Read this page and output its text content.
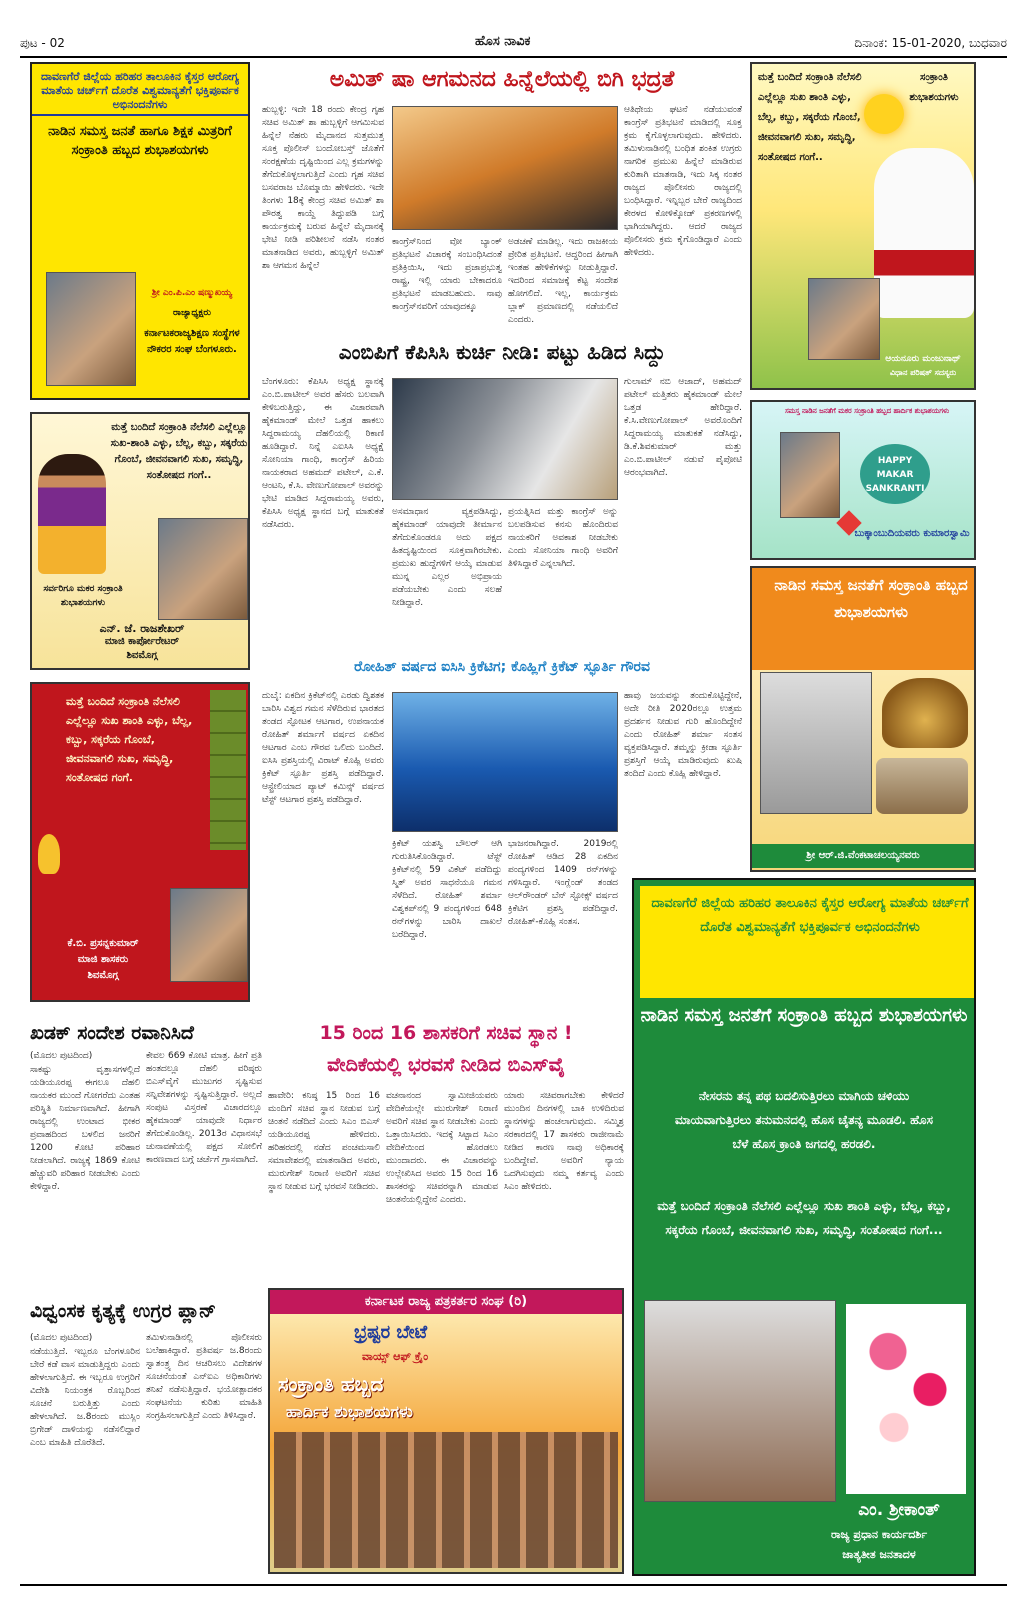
ಪುಟ - 02	ಹೊಸ ನಾವಿಕ	ದಿನಾಂಕ: 15-01-2020, ಬುಧವಾರ
ದಾವಣಗೆರೆ ಜಿಲ್ಲೆಯ ಹರಿಹರ ತಾಲೂಕಿನ ಕೈಸ್ತರ ಆರೋಗ್ಯ ಮಾತೆಯ ಚರ್ಚ್‌ಗೆ ದೊರೆತ ವಿಶ್ವಮಾನ್ಯತೆಗೆ ಭಕ್ತಿಪೂರ್ವಕ ಅಭಿನಂದನೆಗಳು
ನಾಡಿನ ಸಮಸ್ತ ಜನತೆ ಹಾಗೂ ಶಿಕ್ಷಕ ಮಿತ್ರರಿಗೆ ಸಂಕ್ರಾಂತಿ ಹಬ್ಬದ ಶುಭಾಶಯಗಳು
ಶ್ರೀ ಎಂ.ಪಿ.ಎಂ ಷಣ್ಮುಖಯ್ಯ
ರಾಜ್ಯಾಧ್ಯಕ್ಷರು
ಕರ್ನಾಟಕರಾಜ್ಯಶಿಕ್ಷಣ ಸಂಸ್ಥೆಗಳ ನೌಕರರ ಸಂಘ ಬೆಂಗಳೂರು.
ಮತ್ತೆ ಬಂದಿದೆ ಸಂಕ್ರಾಂತಿ ನೆಲೆಸಲಿ ಎಲ್ಲೆಲ್ಲೂ ಸುಖ-ಶಾಂತಿ ಎಳ್ಳು, ಬೆಲ್ಲ, ಕಬ್ಬು, ಸಕ್ಕರೆಯ ಗೊಂಬೆ, ಜೀವನವಾಗಲಿ ಸುಖ, ಸಮೃದ್ಧಿ, ಸಂತೋಷದ ಗಂಗೆ..
ಸರ್ವರಿಗೂ ಮಕರ ಸಂಕ್ರಾಂತಿ ಶುಭಾಶಯಗಳು
ಎನ್. ಜೆ. ರಾಜಶೇಖರ್
ಮಾಜಿ ಕಾರ್ಪೋರೇಟರ್
ಶಿವಮೊಗ್ಗ
ಮತ್ತೆ ಬಂದಿದೆ ಸಂಕ್ರಾಂತಿ ನೆಲೆಸಲಿ ಎಲ್ಲೆಲ್ಲೂ ಸುಖ ಶಾಂತಿ ಎಳ್ಳು, ಬೆಲ್ಲ, ಕಬ್ಬು, ಸಕ್ಕರೆಯ ಗೊಂಬೆ, ಜೀವನವಾಗಲಿ ಸುಖ, ಸಮೃದ್ಧಿ, ಸಂತೋಷದ ಗಂಗೆ.
ಕೆ.ಬಿ. ಪ್ರಸನ್ನಕುಮಾರ್
ಮಾಜಿ ಶಾಸಕರು
ಶಿವಮೊಗ್ಗ
ಅಮಿತ್ ಷಾ ಆಗಮನದ ಹಿನ್ನೆಲೆಯಲ್ಲಿ ಬಿಗಿ ಭದ್ರತೆ
ಹುಬ್ಬಳ್ಳಿ: ಇದೇ 18 ರಂದು ಕೇಂದ್ರ ಗೃಹ ಸಚಿವ ಅಮಿತ್ ಶಾ ಹುಬ್ಬಳ್ಳಿಗೆ ಆಗಮಿಸುವ ಹಿನ್ನೆಲೆ ನೆಹರು ಮೈದಾನದ ಸುತ್ತಮುತ್ತ ಸೂಕ್ತ ಪೊಲೀಸ್ ಬಂದೋಬಸ್ತ್ ಜೊತೆಗೆ ಸಂರಕ್ಷಣೆಯ ದೃಷ್ಟಿಯಿಂದ ಎಲ್ಲ ಕ್ರಮಗಳನ್ನು ತೆಗೆದುಕೊಳ್ಳಲಾಗುತ್ತಿದೆ ಎಂದು ಗೃಹ ಸಚಿವ ಬಸವರಾಜ ಬೊಮ್ಮಾಯಿ ಹೇಳಿದರು. ಇದೇ ತಿಂಗಳು 18ಕ್ಕೆ ಕೇಂದ್ರ ಸಚಿವ ಅಮಿತ್ ಶಾ ಪೌರತ್ವ ಕಾಯ್ದೆ ತಿದ್ದುಪಡಿ ಬಗ್ಗೆ ಕಾರ್ಯಕ್ರಮಕ್ಕೆ ಬರುವ ಹಿನ್ನೆಲೆ ಮೈದಾನಕ್ಕೆ ಭೇಟಿ ನೀಡಿ ಪರಿಶೀಲನೆ ನಡೆಸಿ ನಂತರ ಮಾತನಾಡಿದ ಅವರು, ಹುಬ್ಬಳ್ಳಿಗೆ ಅಮಿತ್ ಶಾ ಆಗಮನ ಹಿನ್ನೆಲೆ
ಕಾಂಗ್ರೆಸ್‌ನಿಂದ ವೋ ಬ್ಯಾಂಕ್ ಪ್ರತಿಭಟನೆ ವಿಚಾರಕ್ಕೆ ಸಂಬಂಧಿಸಿದಂತೆ ಪ್ರತಿಕ್ರಿಯಿಸಿ, ಇದು ಪ್ರಜಾಪ್ರಭುತ್ವ ರಾಷ್ಟ್ರ, ಇಲ್ಲಿ ಯಾರು ಬೇಕಾದರೂ ಪ್ರತಿಭಟನೆ ಮಾಡಬಹುದು. ನಾವು ಕಾಂಗ್ರೆಸ್‌ನವರಿಗೆ ಯಾವುದಕ್ಕೂ
ಅಡಚಣೆ ಮಾಡಿಲ್ಲ. ಇದು ರಾಜಕೀಯ ಪ್ರೇರಿತ ಪ್ರತಿಭಟನೆ. ಆದ್ದರಿಂದ ಹೀಗಾಗಿ ಇಂತಹ ಹೇಳಿಕೆಗಳನ್ನು ನೀಡುತ್ತಿದ್ದಾರೆ. ಇದರಿಂದ ಸಮಾಜಕ್ಕೆ ಕೆಟ್ಟ ಸಂದೇಶ ಹೋಗಲಿದೆ. ಇಲ್ಲ, ಕಾರ್ಯಕ್ರಮ ಬ್ಲಾಕ್ ಪ್ರಮಾಣದಲ್ಲಿ ನಡೆಯಲಿದೆ ಎಂದರು.
ಆತಿಥೇಯ ಘಟನೆ ನಡೆಯುವಂತೆ ಕಾಂಗ್ರೆಸ್ ಪ್ರತಿಭಟನೆ ಮಾಡಿದಲ್ಲಿ ಸೂಕ್ತ ಕ್ರಮ ಕೈಗೊಳ್ಳಲಾಗುವುದು. ಹೇಳಿದರು. ತಮಿಳುನಾಡಿನಲ್ಲಿ ಬಂಧಿತ ಶಂಕಿತ ಉಗ್ರರು ನಾಗರಿಕ ಪ್ರಮುಖ ಹಿನ್ನೆಲೆ ಮಾಡಿರುವ ಕುರಿತಾಗಿ ಮಾತನಾಡಿ, ಇದು ಸಿಕ್ಕ ನಂತರ ರಾಜ್ಯದ ಪೊಲೀಸರು ರಾಜ್ಯದಲ್ಲಿ ಬಂಧಿಸಿದ್ದಾರೆ. ಇನ್ನಿಬ್ಬರ ಬೇರೆ ರಾಜ್ಯದಿಂದ ಕೇರಳದ ಕೋಳಿಕ್ಕೋಡ್ ಪ್ರಕರಣಗಳಲ್ಲಿ ಭಾಗಿಯಾಗಿದ್ದರು. ಆದರೆ ರಾಜ್ಯದ ಪೊಲೀಸರು ಕ್ರಮ ಕೈಗೊಂಡಿದ್ದಾರೆ ಎಂದು ಹೇಳಿದರು.
ಎಂಬಿಪಿಗೆ ಕೆಪಿಸಿಸಿ ಕುರ್ಚಿ ನೀಡಿ: ಪಟ್ಟು ಹಿಡಿದ ಸಿದ್ದು
ಬೆಂಗಳೂರು: ಕೆಪಿಸಿಸಿ ಅಧ್ಯಕ್ಷ ಸ್ಥಾನಕ್ಕೆ ಎಂ.ಬಿ.ಪಾಟೀಲ್ ಅವರ ಹೆಸರು ಬಲವಾಗಿ ಕೇಳಿಬರುತ್ತಿದ್ದು, ಈ ವಿಚಾರವಾಗಿ ಹೈಕಮಾಂಡ್ ಮೇಲೆ ಒತ್ತಡ ಹಾಕಲು ಸಿದ್ದರಾಮಯ್ಯ ದೆಹಲಿಯಲ್ಲಿ ಠಿಕಾಣಿ ಹೂಡಿದ್ದಾರೆ. ನಿನ್ನೆ ಎಐಸಿಸಿ ಅಧ್ಯಕ್ಷೆ ಸೋನಿಯಾ ಗಾಂಧಿ, ಕಾಂಗ್ರೆಸ್ ಹಿರಿಯ ನಾಯಕರಾದ ಅಹಮದ್ ಪಟೇಲ್, ಎ.ಕೆ. ಆಂಟನಿ, ಕೆ.ಸಿ. ವೇಣುಗೋಪಾಲ್ ಅವರನ್ನು ಭೇಟಿ ಮಾಡಿದ ಸಿದ್ದರಾಮಯ್ಯ ಅವರು, ಕೆಪಿಸಿಸಿ ಅಧ್ಯಕ್ಷ ಸ್ಥಾನದ ಬಗ್ಗೆ ಮಾತುಕತೆ ನಡೆಸಿದರು.
ಅಸಮಾಧಾನ ವ್ಯಕ್ತಪಡಿಸಿದ್ದು, ಹೈಕಮಾಂಡ್ ಯಾವುದೇ ತೀರ್ಮಾನ ತೆಗೆದುಕೊಂಡರೂ ಅದು ಪಕ್ಷದ ಹಿತದೃಷ್ಟಿಯಿಂದ ಸೂಕ್ತವಾಗಿರಬೇಕು. ಪ್ರಮುಖ ಹುದ್ದೆಗಳಿಗೆ ಆಯ್ಕೆ ಮಾಡುವ ಮುನ್ನ ಎಲ್ಲರ ಅಭಿಪ್ರಾಯ ಪಡೆಯಬೇಕು ಎಂದು ಸಲಹೆ ನೀಡಿದ್ದಾರೆ.
ಪ್ರಯತ್ನಿಸಿದ ಮತ್ತು ಕಾಂಗ್ರೆಸ್ ಅನ್ನು ಬಲಪಡಿಸುವ ಕನಸು ಹೊಂದಿರುವ ನಾಯಕರಿಗೆ ಅವಕಾಶ ನೀಡಬೇಕು ಎಂದು ಸೋನಿಯಾ ಗಾಂಧಿ ಅವರಿಗೆ ತಿಳಿಸಿದ್ದಾರೆ ಎನ್ನಲಾಗಿದೆ.
ಗುಲಾಮ್ ನಬಿ ಆಜಾದ್, ಅಹಮದ್ ಪಟೇಲ್ ಮತ್ತಿತರು ಹೈಕಮಾಂಡ್ ಮೇಲೆ ಒತ್ತಡ ಹೇರಿದ್ದಾರೆ. ಕೆ.ಸಿ.ವೇಣುಗೋಪಾಲ್ ಅವರೊಂದಿಗೆ ಸಿದ್ದರಾಮಯ್ಯ ಮಾತುಕತೆ ನಡೆಸಿದ್ದು, ಡಿ.ಕೆ.ಶಿವಕುಮಾರ್ ಮತ್ತು ಎಂ.ಬಿ.ಪಾಟೀಲ್ ನಡುವೆ ಪೈಪೋಟಿ ಆರಂಭವಾಗಿದೆ.
ರೋಹಿತ್ ವರ್ಷದ ಐಸಿಸಿ ಕ್ರಿಕೆಟಿಗ; ಕೊಹ್ಲಿಗೆ ಕ್ರಿಕೆಟ್ ಸ್ಫೂರ್ತಿ ಗೌರವ
ದುಬೈ: ಏಕದಿನ ಕ್ರಿಕೆಟ್‌ನಲ್ಲಿ ಎರಡು ದ್ವಿಶತಕ ಬಾರಿಸಿ ವಿಶ್ವದ ಗಮನ ಸೆಳೆದಿರುವ ಭಾರತದ ತಂಡದ ಸ್ಫೋಟಕ ಆಟಗಾರ, ಉಪನಾಯಕ ರೋಹಿತ್ ಶರ್ಮಾಗೆ ವರ್ಷದ ಏಕದಿನ ಆಟಗಾರ ಎಂಬ ಗೌರವ ಒಲಿದು ಬಂದಿದೆ. ಐಸಿಸಿ ಪ್ರಶಸ್ತಿಯಲ್ಲಿ ವಿರಾಟ್ ಕೊಹ್ಲಿ ಅವರು ಕ್ರಿಕೆಟ್ ಸ್ಫೂರ್ತಿ ಪ್ರಶಸ್ತಿ ಪಡೆದಿದ್ದಾರೆ. ಆಸ್ಟ್ರೇಲಿಯಾದ ಪ್ಯಾಟ್ ಕಮಿನ್ಸ್ ವರ್ಷದ ಟೆಸ್ಟ್ ಆಟಗಾರ ಪ್ರಶಸ್ತಿ ಪಡೆದಿದ್ದಾರೆ.
ಕ್ರಿಕೆಟ್ ಯಶಸ್ವಿ ಬೌಲರ್ ಆಗಿ ಗುರುತಿಸಿಕೊಂಡಿದ್ದಾರೆ. ಟೆಸ್ಟ್ ಕ್ರಿಕೆಟ್‌ನಲ್ಲಿ 59 ವಿಕೆಟ್ ಪಡೆದಿದ್ದು ಸ್ಮಿತ್ ಅವರ ಸಾಧನೆಯೂ ಗಮನ ಸೆಳೆದಿದೆ. ರೋಹಿತ್ ಶರ್ಮಾ ವಿಶ್ವಕಪ್‌ನಲ್ಲಿ 9 ಪಂದ್ಯಗಳಿಂದ 648 ರನ್‌ಗಳನ್ನು ಬಾರಿಸಿ ದಾಖಲೆ ಬರೆದಿದ್ದಾರೆ.
ಭಾಜನರಾಗಿದ್ದಾರೆ. 2019ರಲ್ಲಿ ರೋಹಿತ್ ಆಡಿದ 28 ಏಕದಿನ ಪಂದ್ಯಗಳಿಂದ 1409 ರನ್‌ಗಳನ್ನು ಗಳಿಸಿದ್ದಾರೆ. ಇಂಗ್ಲೆಂಡ್ ತಂಡದ ಆಲ್‌ರೌಂಡರ್ ಬೆನ್ ಸ್ಟೋಕ್ಸ್ ವರ್ಷದ ಕ್ರಿಕೆಟಿಗ ಪ್ರಶಸ್ತಿ ಪಡೆದಿದ್ದಾರೆ. ರೋಹಿತ್-ಕೊಹ್ಲಿ ಸಂತಸ.
ಹಾವು ಜಯವನ್ನು ತಂದುಕೊಟ್ಟಿದ್ದೇನೆ, ಅದೇ ರೀತಿ 2020ರಲ್ಲೂ ಉತ್ತಮ ಪ್ರದರ್ಶನ ನೀಡುವ ಗುರಿ ಹೊಂದಿದ್ದೇನೆ ಎಂದು ರೋಹಿತ್ ಶರ್ಮಾ ಸಂತಸ ವ್ಯಕ್ತಪಡಿಸಿದ್ದಾರೆ. ತಮ್ಮನ್ನು ಕ್ರೀಡಾ ಸ್ಫೂರ್ತಿ ಪ್ರಶಸ್ತಿಗೆ ಆಯ್ಕೆ ಮಾಡಿರುವುದು ಖುಷಿ ತಂದಿದೆ ಎಂದು ಕೊಹ್ಲಿ ಹೇಳಿದ್ದಾರೆ.
ಖಡಕ್ ಸಂದೇಶ ರವಾನಿಸಿದೆ
(ಮೊದಲ ಪುಟದಿಂದ)
ಸಾಕಷ್ಟು ವೃತ್ತಾಸಗಳಲ್ಲಿದೆ ಯಡಿಯೂರಪ್ಪ ಈಗಲೂ ದೆಹಲಿ ನಾಯಕರ ಮುಂದೆ ಗೋಗರೆದು ಎಂತಹ ಪರಿಸ್ಥಿತಿ ನಿರ್ಮಾಣವಾಗಿದೆ. ಹೀಗಾಗಿ ರಾಜ್ಯದಲ್ಲಿ ಉಂಟಾದ ಭೀಕರ ಪ್ರವಾಹದಿಂದ ಬಳಲಿದ ಜನರಿಗೆ 1200 ಕೋಟಿ ಪರಿಹಾರ ನೀಡಲಾಗಿದೆ. ರಾಜ್ಯಕ್ಕೆ 1869 ಕೋಟಿ ಹೆಚ್ಚುವರಿ ಪರಿಹಾರ ನೀಡಬೇಕು ಎಂದು ಕೇಳಿದ್ದಾರೆ.
ಕೇವಲ 669 ಕೋಟಿ ಮಾತ್ರ. ಹೀಗೆ ಪ್ರತಿ ಹಂತದಲ್ಲೂ ದೆಹಲಿ ವರಿಷ್ಠರು ಬಿಎಸ್‌ವೈಗೆ ಮುಜುಗರ ಸೃಷ್ಟಿಸುವ ಸನ್ನಿವೇಶಗಳನ್ನು ಸೃಷ್ಟಿಸುತ್ತಿದ್ದಾರೆ. ಅಲ್ಲದೆ ಸಂಪುಟ ವಿಸ್ತರಣೆ ವಿಚಾರದಲ್ಲೂ ಹೈಕಮಾಂಡ್ ಯಾವುದೇ ನಿರ್ಧಾರ ತೆಗೆದುಕೊಂಡಿಲ್ಲ. 2013ರ ವಿಧಾನಸಭೆ ಚುನಾವಣೆಯಲ್ಲಿ ಪಕ್ಷದ ಸೋಲಿಗೆ ಕಾರಣವಾದ ಬಗ್ಗೆ ಚರ್ಚೆಗೆ ಗ್ರಾಸವಾಗಿದೆ.
ವಿಧ್ವಂಸಕ ಕೃತ್ಯಕ್ಕೆ ಉಗ್ರರ ಪ್ಲಾನ್
(ಮೊದಲ ಪುಟದಿಂದ)
ನಡೆಯುತ್ತಿದೆ. ಇಬ್ಬರೂ ಬೆಂಗಳೂರಿನ ಬೇರೆ ಕಡೆ ವಾಸ ಮಾಡುತ್ತಿದ್ದರು ಎಂದು ಹೇಳಲಾಗುತ್ತಿದೆ. ಈ ಇಬ್ಬರೂ ಉಗ್ರರಿಗೆ ವಿದೇಶಿ ನಿಯಂತ್ರಕ ರೊಬ್ಬರಿಂದ ಸೂಚನೆ ಬರುತ್ತಿತ್ತು ಎಂದು ಹೇಳಲಾಗಿದೆ. ಜ.8ರಂದು ಮುಸ್ಲಿಂ ಬ್ರಿಗೇಡ್ ದಾಳಿಯನ್ನು ನಡೆಸಲಿದ್ದಾರೆ ಎಂಬ ಮಾಹಿತಿ ದೊರೆತಿದೆ.
ತಮಿಳುನಾಡಿನಲ್ಲಿ ಪೊಲೀಸರು ಬಲೆಹಾಕಿದ್ದಾರೆ. ಪ್ರತಿವರ್ಷ ಜ.8ರಂದು ಸ್ವಾತಂತ್ರ್ಯ ದಿನ ಆಚರಿಸಲು ವಿದೇಶಗಳ ಸೂಚನೆಯಂತೆ ಎನ್‌ಐಎ ಅಧಿಕಾರಿಗಳು ತನಿಖೆ ನಡೆಸುತ್ತಿದ್ದಾರೆ. ಭಯೋತ್ಪಾದಕರ ಸಂಘಟನೆಯ ಕುರಿತು ಮಾಹಿತಿ ಸಂಗ್ರಹಿಸಲಾಗುತ್ತಿದೆ ಎಂದು ತಿಳಿಸಿದ್ದಾರೆ.
15 ರಿಂದ 16 ಶಾಸಕರಿಗೆ ಸಚಿವ ಸ್ಥಾನ !
ವೇದಿಕೆಯಲ್ಲಿ ಭರವಸೆ ನೀಡಿದ ಬಿಎಸ್‌ವೈ
ಹಾವೇರಿ: ಕನಿಷ್ಠ 15 ರಿಂದ 16 ಮಂದಿಗೆ ಸಚಿವ ಸ್ಥಾನ ನೀಡುವ ಬಗ್ಗೆ ಚಿಂತನೆ ನಡೆದಿದೆ ಎಂದು ಸಿಎಂ ಬಿಎಸ್ ಯಡಿಯೂರಪ್ಪ ಹೇಳಿದರು. ಹರಿಹರದಲ್ಲಿ ನಡೆದ ಪಂಚಮಸಾಲಿ ಸಮಾವೇಶದಲ್ಲಿ ಮಾತನಾಡಿದ ಅವರು, ಮುರುಗೇಶ್ ನಿರಾಣಿ ಅವರಿಗೆ ಸಚಿವ ಸ್ಥಾನ ನೀಡುವ ಬಗ್ಗೆ ಭರವಸೆ ನೀಡಿದರು.
ವಚನಾನಂದ ಸ್ವಾಮೀಜಿಯವರು ವೇದಿಕೆಯಲ್ಲೇ ಮುರುಗೇಶ್ ನಿರಾಣಿ ಅವರಿಗೆ ಸಚಿವ ಸ್ಥಾನ ನೀಡಬೇಕು ಎಂದು ಒತ್ತಾಯಿಸಿದರು. ಇದಕ್ಕೆ ಸಿಟ್ಟಾದ ಸಿಎಂ ವೇದಿಕೆಯಿಂದ ಹೊರಡಲು ಮುಂದಾದರು. ಈ ವಿಚಾರವನ್ನು ಉಲ್ಲೇಖಿಸಿದ ಅವರು 15 ರಿಂದ 16 ಶಾಸಕರನ್ನು ಸಚಿವರನ್ನಾಗಿ ಮಾಡುವ ಚಿಂತನೆಯಲ್ಲಿದ್ದೇನೆ ಎಂದರು.
ಯಾರು ಸಚಿವರಾಗಬೇಕು ಕೇಳಿದರೆ ಮುಂದಿನ ದಿನಗಳಲ್ಲಿ ಬಾಕಿ ಉಳಿದಿರುವ ಸ್ಥಾನಗಳನ್ನು ಹಂಚಲಾಗುವುದು. ಸಮ್ಮಿಶ್ರ ಸರಕಾರದಲ್ಲಿ 17 ಶಾಸಕರು ರಾಜೀನಾಮೆ ನೀಡಿದ ಕಾರಣ ನಾವು ಅಧಿಕಾರಕ್ಕೆ ಬಂದಿದ್ದೇವೆ. ಅವರಿಗೆ ನ್ಯಾಯ ಒದಗಿಸುವುದು ನಮ್ಮ ಕರ್ತವ್ಯ ಎಂದು ಸಿಎಂ ಹೇಳಿದರು.
ಕರ್ನಾಟಕ ರಾಜ್ಯ ಪತ್ರಕರ್ತರ ಸಂಘ (ರಿ)
ಭ್ರಷ್ಟರ ಬೇಟೆ
ವಾಯ್ಸ್ ಆಫ್ ಕ್ರೈಂ
ಸಂಕ್ರಾಂತಿ ಹಬ್ಬದ
ಹಾರ್ದಿಕ ಶುಭಾಶಯಗಳು
ಮತ್ತೆ ಬಂದಿದೆ ಸಂಕ್ರಾಂತಿ ನೆಲೆಸಲಿ ಎಲ್ಲೆಲ್ಲೂ ಸುಖ ಶಾಂತಿ ಎಳ್ಳು, ಬೆಲ್ಲ, ಕಬ್ಬು, ಸಕ್ಕರೆಯ ಗೊಂಬೆ, ಜೀವನವಾಗಲಿ ಸುಖ, ಸಮೃದ್ಧಿ, ಸಂತೋಷದ ಗಂಗೆ..
ಸಂಕ್ರಾಂತಿ ಶುಭಾಶಯಗಳು
ಆಯನೂರು ಮಂಜುನಾಥ್
ವಿಧಾನ ಪರಿಷತ್ ಸದಸ್ಯರು
ಸಮಸ್ತ ನಾಡಿನ ಜನತೆಗೆ ಮಕರ ಸಂಕ್ರಾಂತಿ ಹಬ್ಬದ ಹಾರ್ದಿಕ ಶುಭಾಶಯಗಳು
HAPPY MAKAR SANKRANTI
ಬುಕ್ಕಾಂಬುದಿಯವರು ಕುಮಾರಸ್ವಾಮಿ
ನಾಡಿನ ಸಮಸ್ತ ಜನತೆಗೆ ಸಂಕ್ರಾಂತಿ ಹಬ್ಬದ ಶುಭಾಶಯಗಳು
ಶ್ರೀ ಆರ್.ಜಿ.ವೆಂಕಟಾಚಲಯ್ಯನವರು
ದಾವಣಗೆರೆ ಜಿಲ್ಲೆಯ ಹರಿಹರ ತಾಲೂಕಿನ ಕೈಸ್ತರ ಆರೋಗ್ಯ ಮಾತೆಯ ಚರ್ಚ್‌ಗೆ ದೊರೆತ ವಿಶ್ವಮಾನ್ಯತೆಗೆ ಭಕ್ತಿಪೂರ್ವಕ ಅಭಿನಂದನೆಗಳು
ನಾಡಿನ ಸಮಸ್ತ ಜನತೆಗೆ ಸಂಕ್ರಾಂತಿ ಹಬ್ಬದ ಶುಭಾಶಯಗಳು
ನೇಸರನು ತನ್ನ ಪಥ ಬದಲಿಸುತ್ತಿರಲು ಮಾಗಿಯ ಚಳಿಯು ಮಾಯವಾಗುತ್ತಿರಲು ತನುಮನದಲ್ಲಿ ಹೊಸ ಚೈತನ್ಯ ಮೂಡಲಿ. ಹೊಸ ಬೆಳೆ ಹೊಸ ಕ್ರಾಂತಿ ಜಗದಲ್ಲಿ ಹರಡಲಿ.
ಮತ್ತೆ ಬಂದಿದೆ ಸಂಕ್ರಾಂತಿ ನೆಲೆಸಲಿ ಎಲ್ಲೆಲ್ಲೂ ಸುಖ ಶಾಂತಿ ಎಳ್ಳು, ಬೆಲ್ಲ, ಕಬ್ಬು, ಸಕ್ಕರೆಯ ಗೊಂಬೆ, ಜೀವನವಾಗಲಿ ಸುಖ, ಸಮೃದ್ಧಿ, ಸಂತೋಷದ ಗಂಗೆ...
ಎಂ. ಶ್ರೀಕಾಂತ್
ರಾಜ್ಯ ಪ್ರಧಾನ ಕಾರ್ಯದರ್ಶಿ
ಜಾತ್ಯತೀತ ಜನತಾದಳ
